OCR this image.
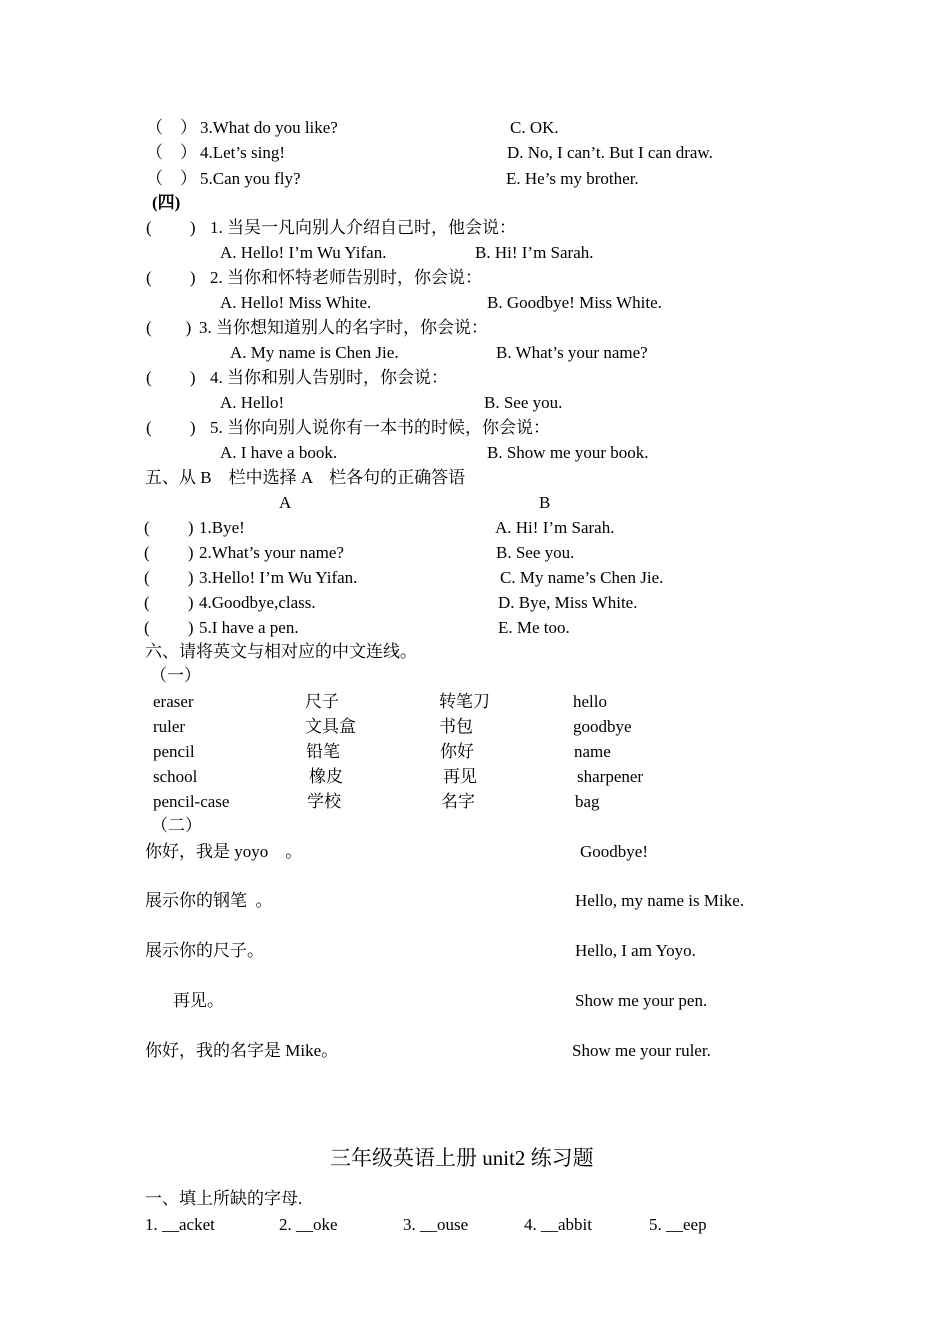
（    ） 3.What do you like?	C. OK.
（    ） 4.Let’s sing!	D. No, I can’t. But I can draw.
（    ） 5.Can you fly?	E. He’s my brother.
(四)
(         ) 1. 当吴一凡向别人介绍自己时，他会说：
A. Hello! I’m Wu Yifan.	B. Hi! I’m Sarah.
(         ) 2. 当你和怀特老师告别时，你会说：
A. Hello! Miss White.	B. Goodbye! Miss White.
(        ) 3. 当你想知道别人的名字时，你会说：
A. My name is Chen Jie.	B. What’s your name?
(         ) 4. 当你和别人告别时，你会说：
A. Hello!	B. See you.
(         ) 5. 当你向别人说你有一本书的时候，你会说：
A. I have a book.	B. Show me your book.
五、从 B    栏中选择 A    栏各句的正确答语
A	B
(         ) 1.Bye!	A. Hi! I’m Sarah.
(         ) 2.What’s your name?	B. See you.
(         ) 3.Hello! I’m Wu Yifan.	C. My name’s Chen Jie.
(         ) 4.Goodbye,class.	D. Bye, Miss White.
(         ) 5.I have a pen.	E. Me too.
六、请将英文与相对应的中文连线。
（一）
eraser	尺子	转笔刀	hello
ruler	文具盒	书包	goodbye
pencil	铅笔	你好	name
school	橡皮	再见	sharpener
pencil-case	学校	名字	bag
（二）
你好，我是 yoyo    。	Goodbye!
展示你的钢笔  。	Hello, my name is Mike.
展示你的尺子。	Hello, I am Yoyo.
再见。	Show me your pen.
你好，我的名字是 Mike。	Show me your ruler.
三年级英语上册 unit2 练习题
一、填上所缺的字母.
1. __acket	2. __oke	3. __ouse	4. __abbit	5. __eep
